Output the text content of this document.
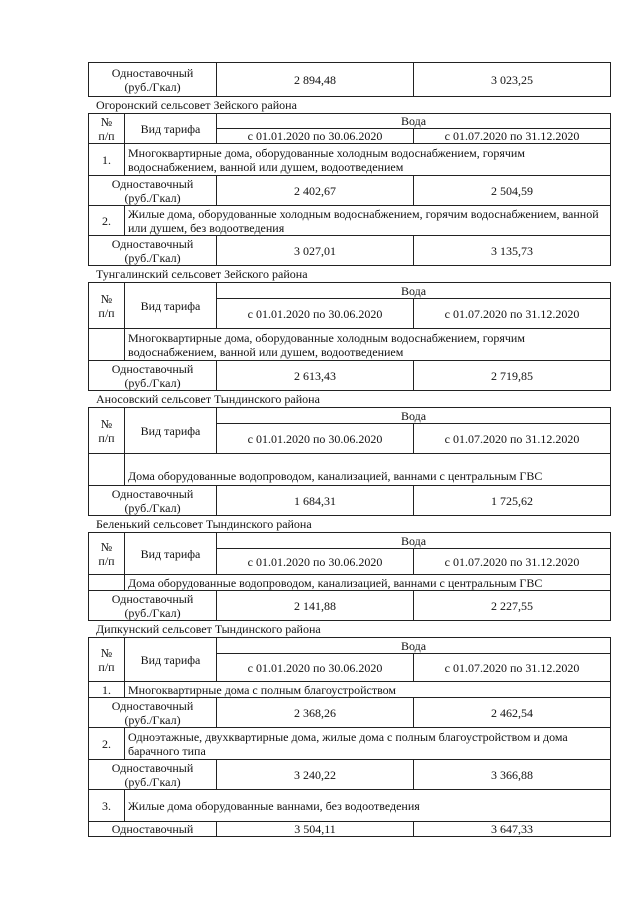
Одноставочный
(руб./Гкал)	2 894,48	3 023,25
Огоронский сельсовет Зейского района
№
п/п	Вид тарифа	Вода	
		с 01.01.2020 по 30.06.2020	с 01.07.2020 по 31.12.2020
1.	Многоквартирные дома, оборудованные холодным водоснабжением, горячим водоснабжением, ванной или душем, водоотведением		
Одноставочный
(руб./Гкал)		2 402,67	2 504,59
2.	Жилые дома, оборудованные холодным водоснабжением, горячим водоснабжением, ванной или душем, без водоотведения		
Одноставочный
(руб./Гкал)		3 027,01	3 135,73
Тунгалинский сельсовет Зейского района
№
п/п	Вид тарифа	Вода	
		с 01.01.2020 по 30.06.2020	с 01.07.2020 по 31.12.2020
	Многоквартирные дома, оборудованные холодным водоснабжением, горячим водоснабжением, ванной или душем, водоотведением		
Одноставочный
(руб./Гкал)		2 613,43	2 719,85
Аносовский сельсовет Тындинского района
№
п/п	Вид тарифа	Вода	
		с 01.01.2020 по 30.06.2020	с 01.07.2020 по 31.12.2020
	Дома оборудованные водопроводом, канализацией, ваннами с центральным ГВС		
Одноставочный
(руб./Гкал)		1 684,31	1 725,62
Беленький сельсовет Тындинского района
№
п/п	Вид тарифа	Вода	
		с 01.01.2020 по 30.06.2020	с 01.07.2020 по 31.12.2020
	Дома оборудованные водопроводом, канализацией, ваннами с центральным ГВС		
Одноставочный
(руб./Гкал)		2 141,88	2 227,55
Дипкунский сельсовет Тындинского района
№
п/п	Вид тарифа	Вода	
		с 01.01.2020 по 30.06.2020	с 01.07.2020 по 31.12.2020
1.	Многоквартирные дома с полным благоустройством		
Одноставочный
(руб./Гкал)		2 368,26	2 462,54
2.	Одноэтажные, двухквартирные дома, жилые дома с полным благоустройством и дома барачного типа		
Одноставочный
(руб./Гкал)		3 240,22	3 366,88
3.	Жилые дома оборудованные ваннами, без водоотведения		
Одноставочный		3 504,11	3 647,33
